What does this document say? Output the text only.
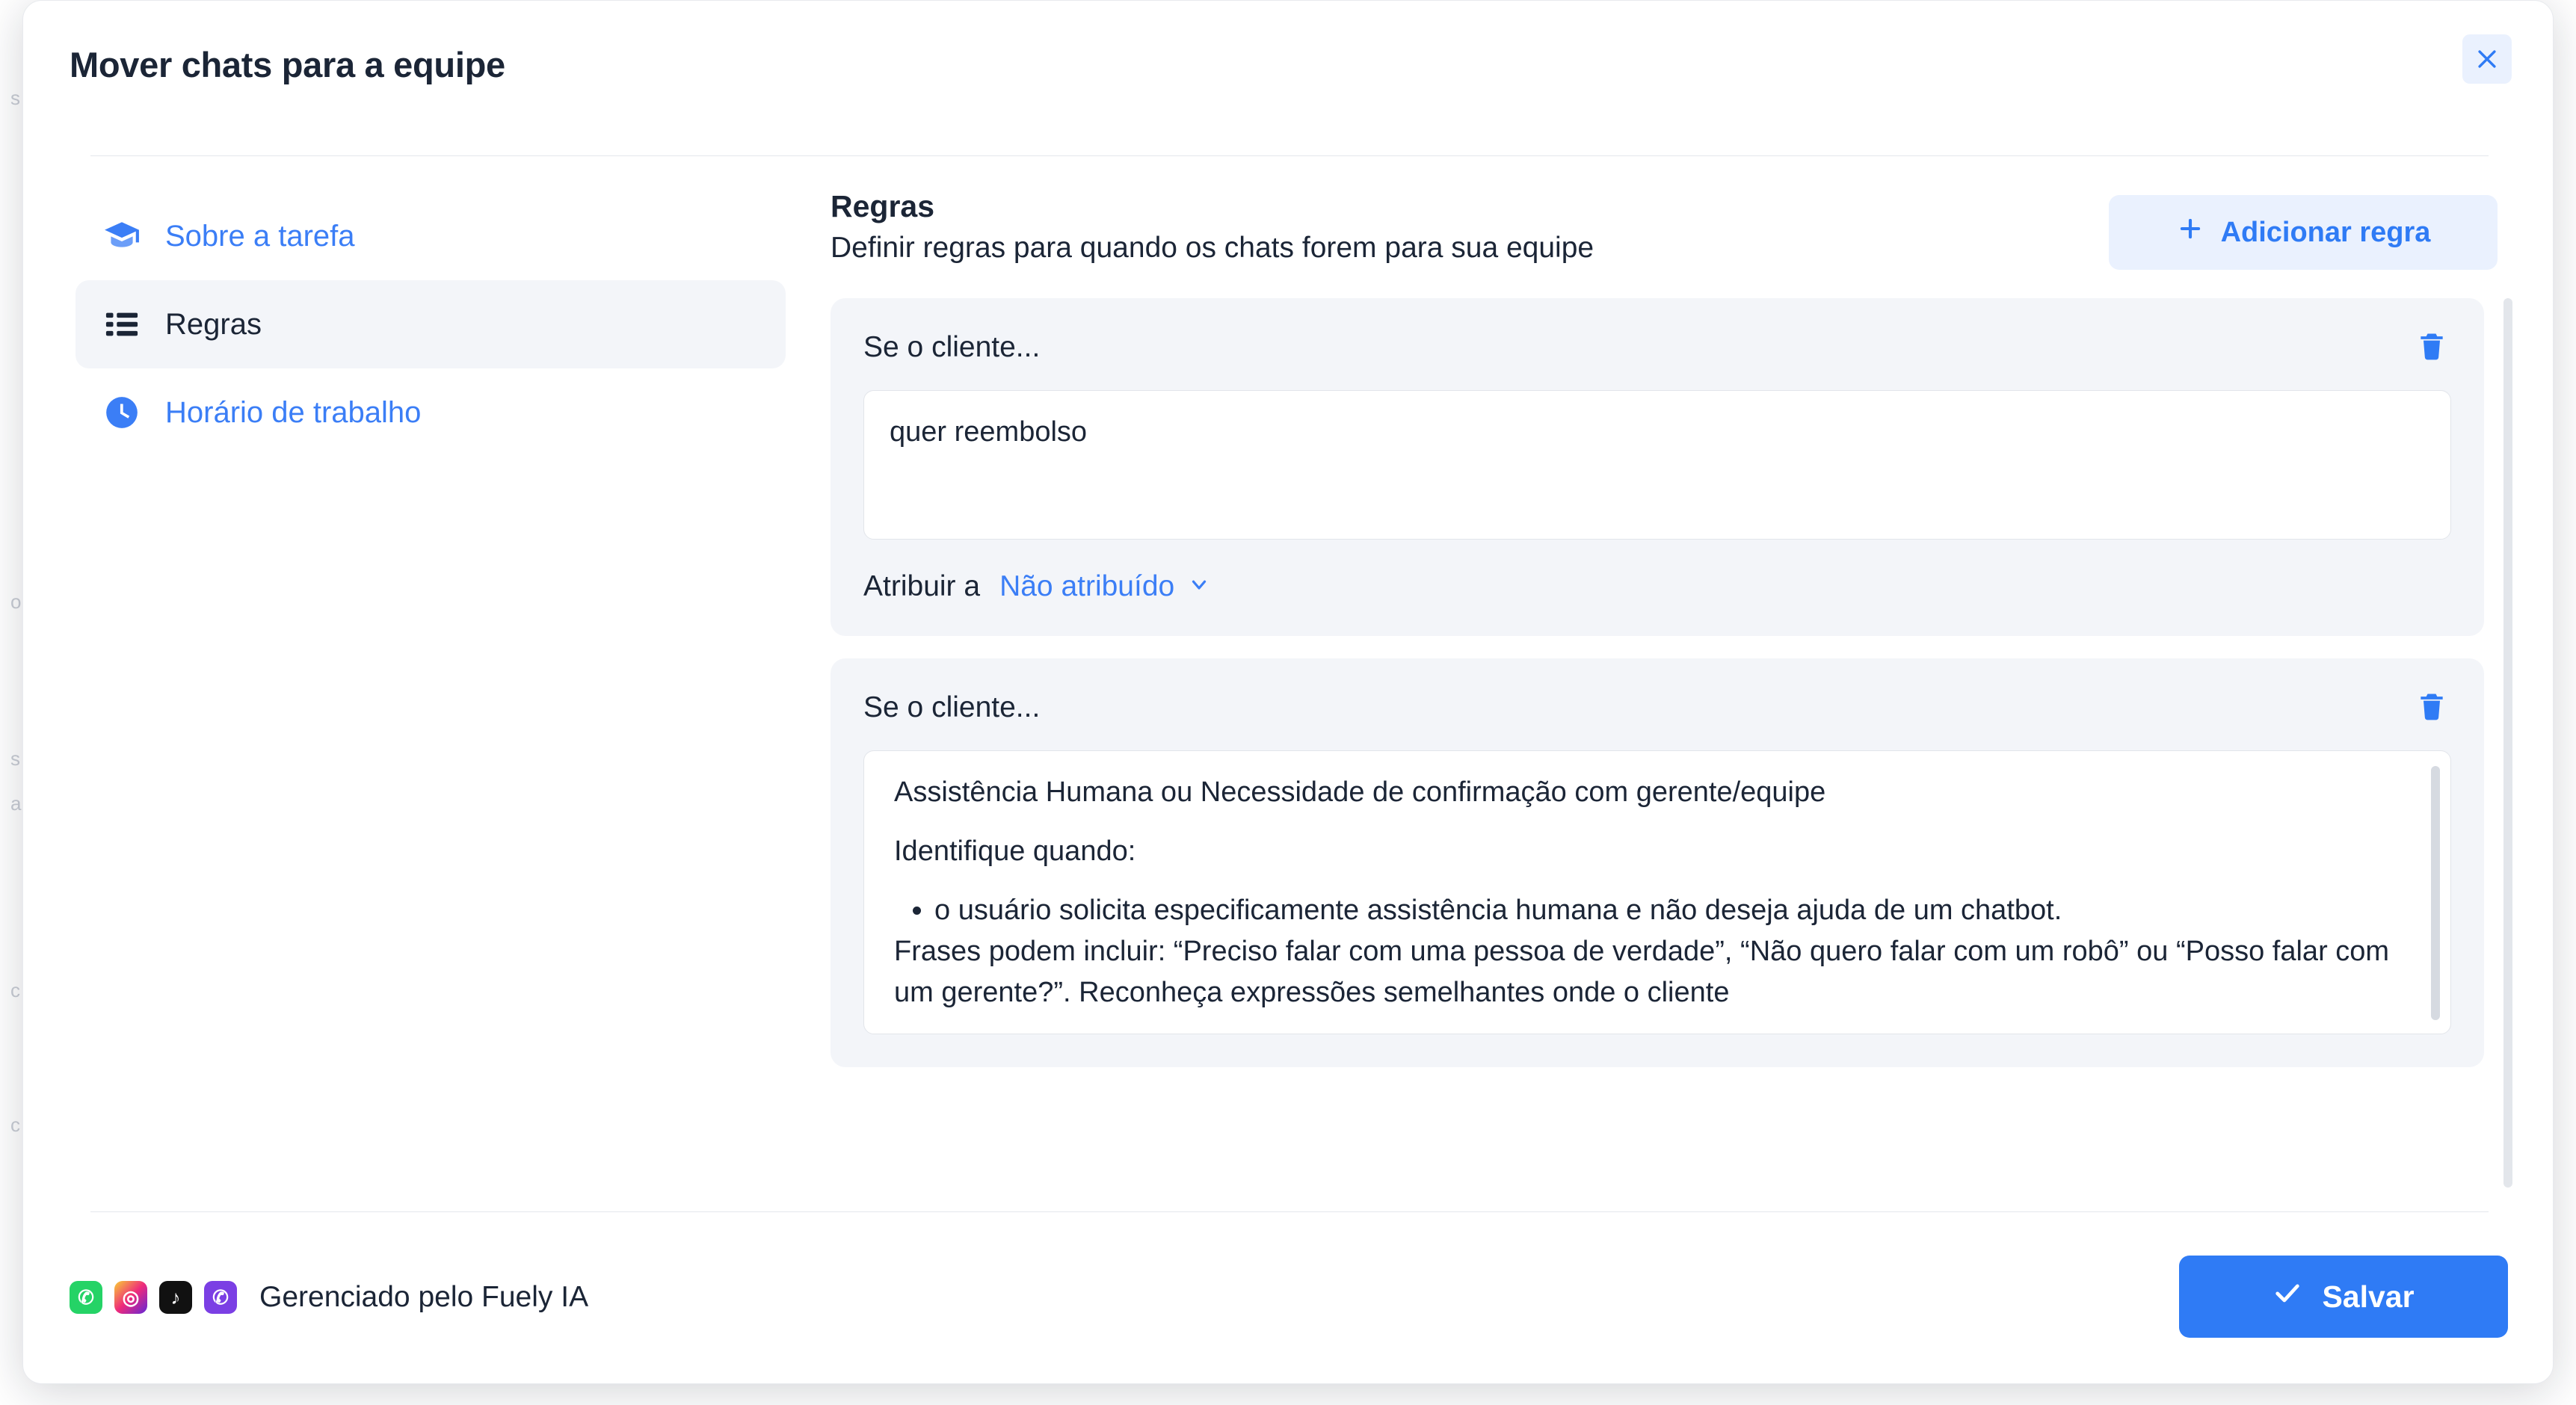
s
o
s
a
c
c
Mover chats para a equipe
Sobre a tarefa
Regras
Horário de trabalho
Regras
Definir regras para quando os chats forem para sua equipe	Adicionar regra
Se o cliente...
quer reembolso
Atribuir a Não atribuído
Se o cliente...

Assistência Humana ou Necessidade de confirmação com gerente/equipe

Identifique quando:

• o usuário solicita especificamente assistência humana e não deseja ajuda de um chatbot.

Frases podem incluir: “Preciso falar com uma pessoa de verdade”, “Não quero falar com um robô” ou “Posso falar com um gerente?”. Reconheça expressões semelhantes onde o cliente

✆	◎	♪	✆ Gerenciado pelo Fuely IA	Salvar
